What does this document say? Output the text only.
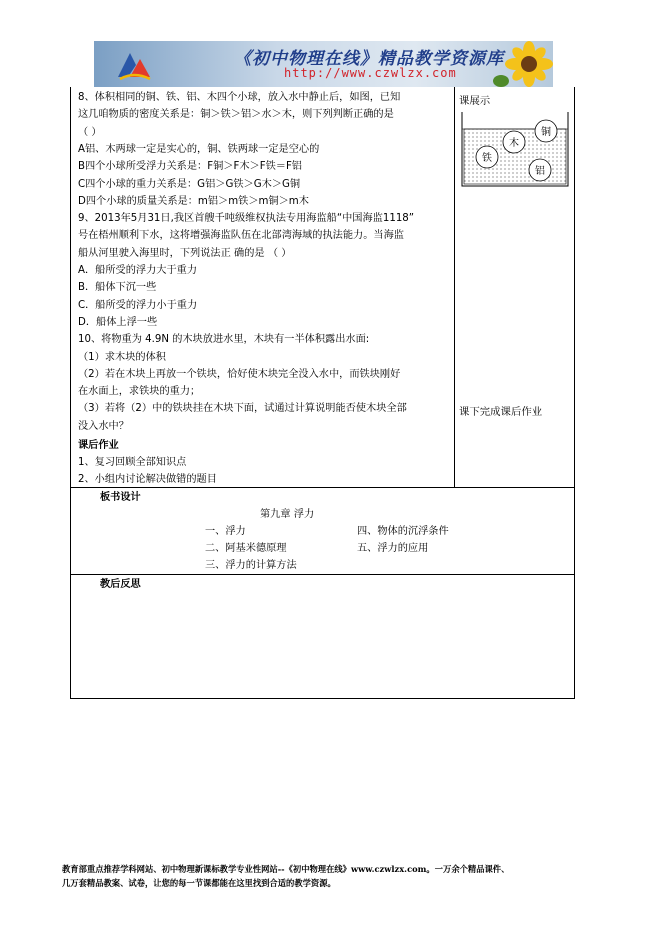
《初中物理在线》精品教学资源库
http://www.czwlzx.com
8、体积相同的铜、铁、铝、木四个小球，放入水中静止后，如图，已知
这几咱物质的密度关系是：铜＞铁＞铝＞水＞木，则下列判断正确的是
（ ）
A铝、木两球一定是实心的，铜、铁两球一定是空心的
B四个小球所受浮力关系是：F铜＞F木＞F铁＝F铝
C四个小球的重力关系是：G铝＞G铁＞G木＞G铜
D四个小球的质量关系是：m铝＞m铁＞m铜＞m木
9、2013年5月31日,我区首艘千吨级维权执法专用海监船“中国海监1118”
号在梧州顺利下水，这将增强海监队伍在北部湾海域的执法能力。当海监
船从河里驶入海里时，下列说法正 确的是 （ ）
A．船所受的浮力大于重力
B．船体下沉一些
C．船所受的浮力小于重力
D．船体上浮一些
10、将物重为 4.9N 的木块放进水里，木块有一半体积露出水面:
（1）求木块的体积
（2）若在木块上再放一个铁块，恰好使木块完全没入水中，而铁块刚好
在水面上，求铁块的重力；
（3）若将（2）中的铁块挂在木块下面，试通过计算说明能否使木块全部
没入水中？
课后作业
1、复习回顾全部知识点
2、小组内讨论解决做错的题目
课展示
木
铜
铁
铝
课下完成课后作业
板书设计
第九章 浮力
一、浮力	四、物体的沉浮条件
二、阿基米德原理	五、浮力的应用
三、浮力的计算方法
教后反思
教育部重点推荐学科网站、初中物理新课标教学专业性网站--《初中物理在线》www.czwlzx.com。一万余个精品课件、
几万套精品教案、试卷，让您的每一节课都能在这里找到合适的教学资源。
